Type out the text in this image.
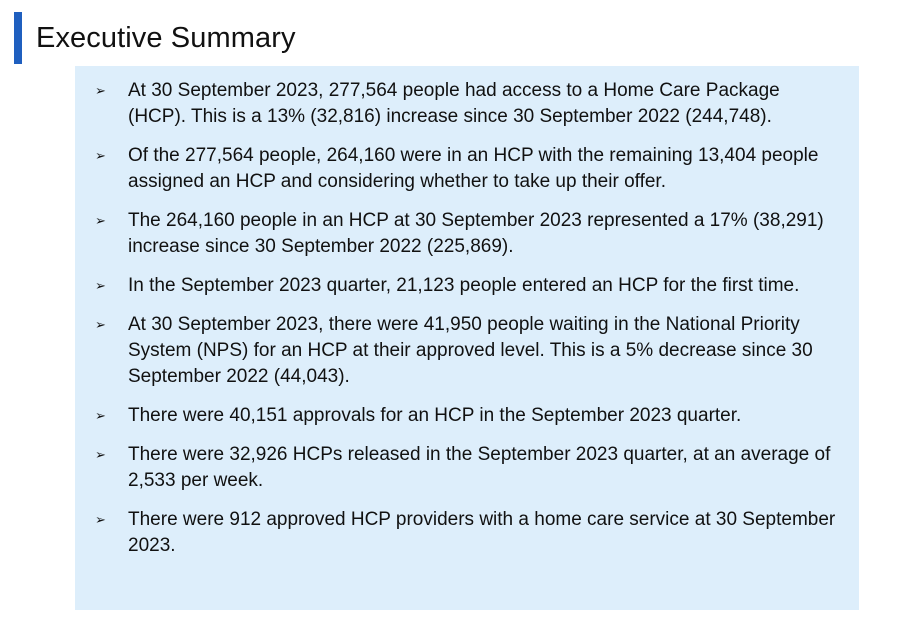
Executive Summary
➢	At 30 September 2023, 277,564 people had access to a Home Care Package (HCP). This is a 13% (32,816) increase since 30 September 2022 (244,748).
➢	Of the 277,564 people, 264,160 were in an HCP with the remaining 13,404 people assigned an HCP and considering whether to take up their offer.
➢	The 264,160 people in an HCP at 30 September 2023 represented a 17% (38,291) increase since 30 September 2022 (225,869).
➢	In the September 2023 quarter, 21,123 people entered an HCP for the first time.
➢	At 30 September 2023, there were 41,950 people waiting in the National Priority System (NPS) for an HCP at their approved level. This is a 5% decrease since 30 September 2022 (44,043).
➢	There were 40,151 approvals for an HCP in the September 2023 quarter.
➢	There were 32,926 HCPs released in the September 2023 quarter, at an average of 2,533 per week.
➢	There were 912 approved HCP providers with a home care service at 30 September 2023.
